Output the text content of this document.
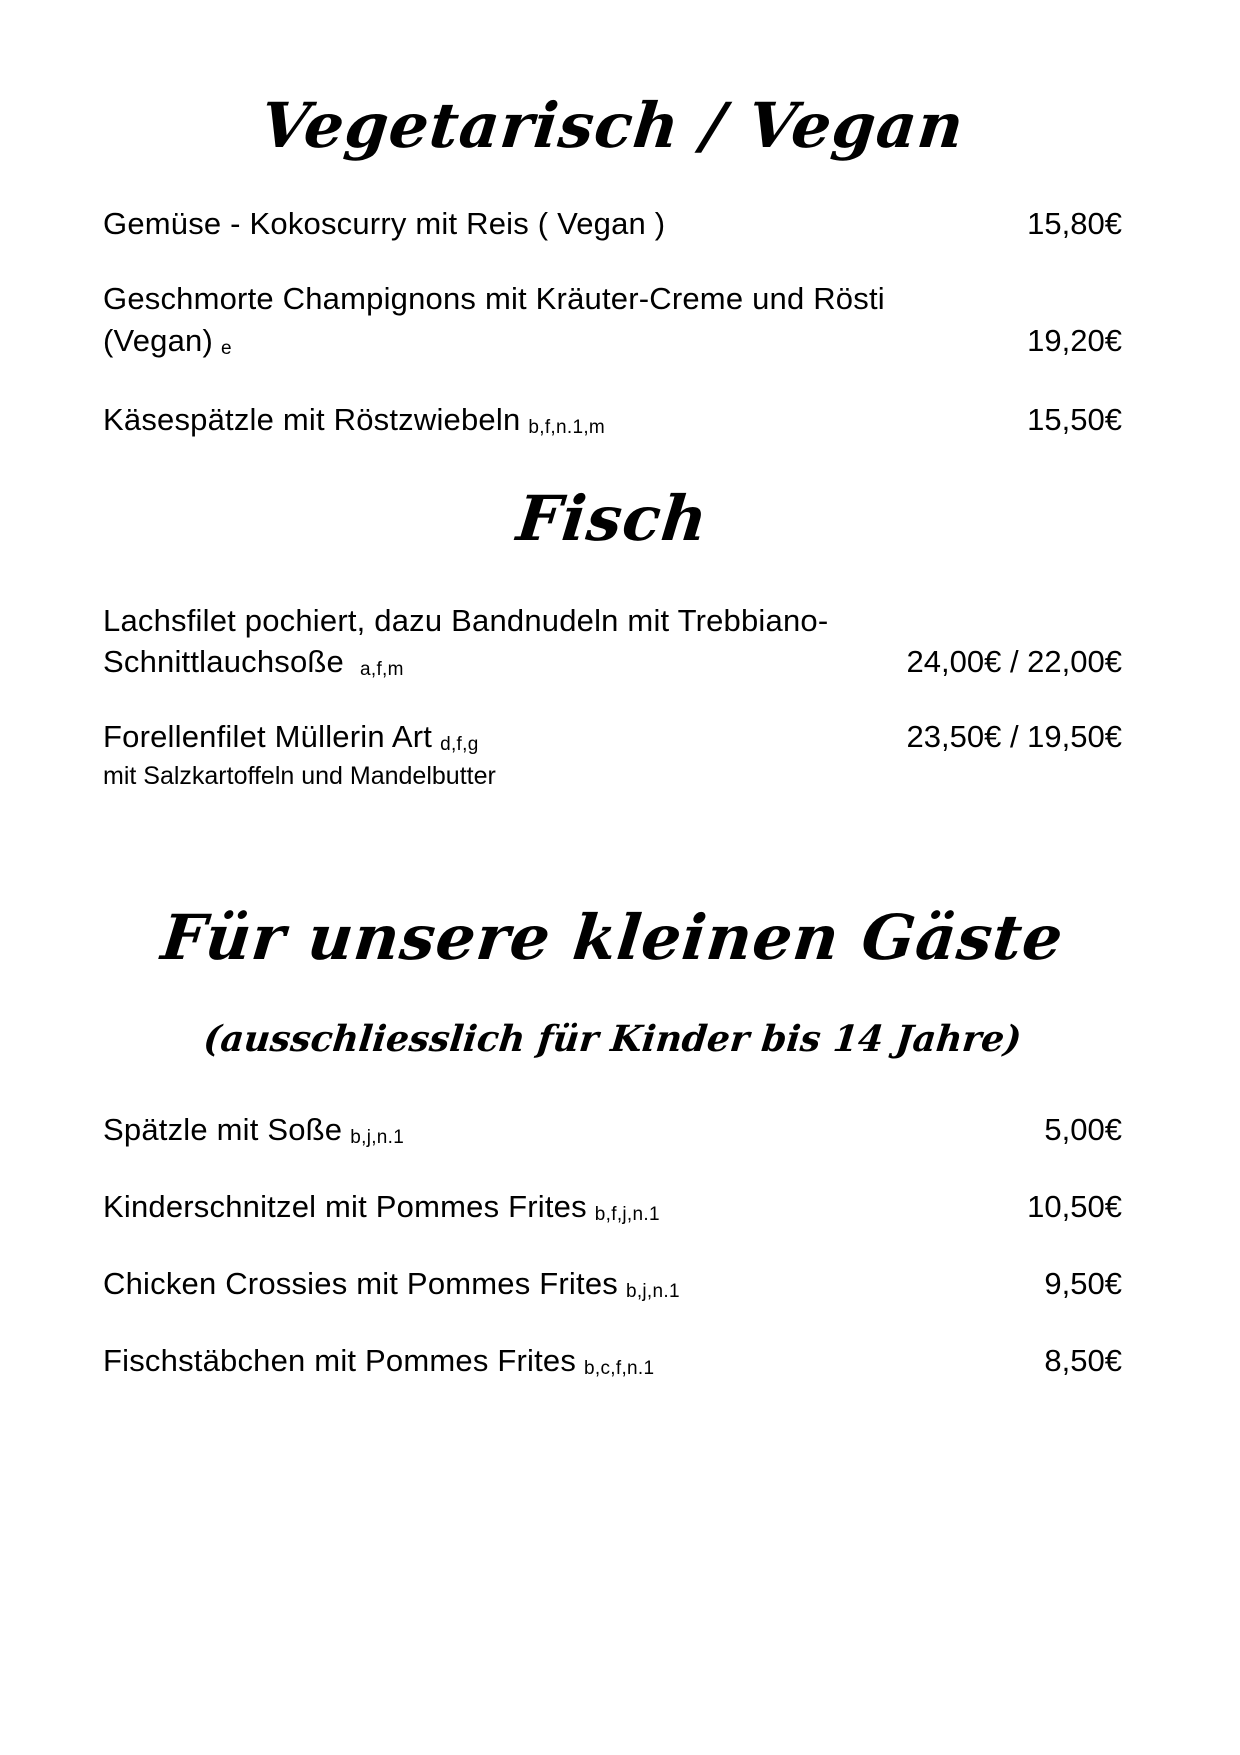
Vegetarisch / Vegan
Gemüse - Kokoscurry mit Reis ( Vegan )	15,80€
Geschmorte Champignons mit Kräuter-Creme und Rösti
(Vegan) e	19,20€
Käsespätzle mit Röstzwiebeln b,f,n.1,m	15,50€
Fisch
Lachsfilet pochiert, dazu Bandnudeln mit Trebbiano-
Schnittlauchsoße a,f,m	24,00€ / 22,00€
Forellenfilet Müllerin Art d,f,g	23,50€ / 19,50€
mit Salzkartoffeln und Mandelbutter
Für unsere kleinen Gäste
(ausschliesslich für Kinder bis 14 Jahre)
Spätzle mit Soße b,j,n.1	5,00€
Kinderschnitzel mit Pommes Frites b,f,j,n.1	10,50€
Chicken Crossies mit Pommes Frites b,j,n.1	9,50€
Fischstäbchen mit Pommes Frites b,c,f,n.1	8,50€
